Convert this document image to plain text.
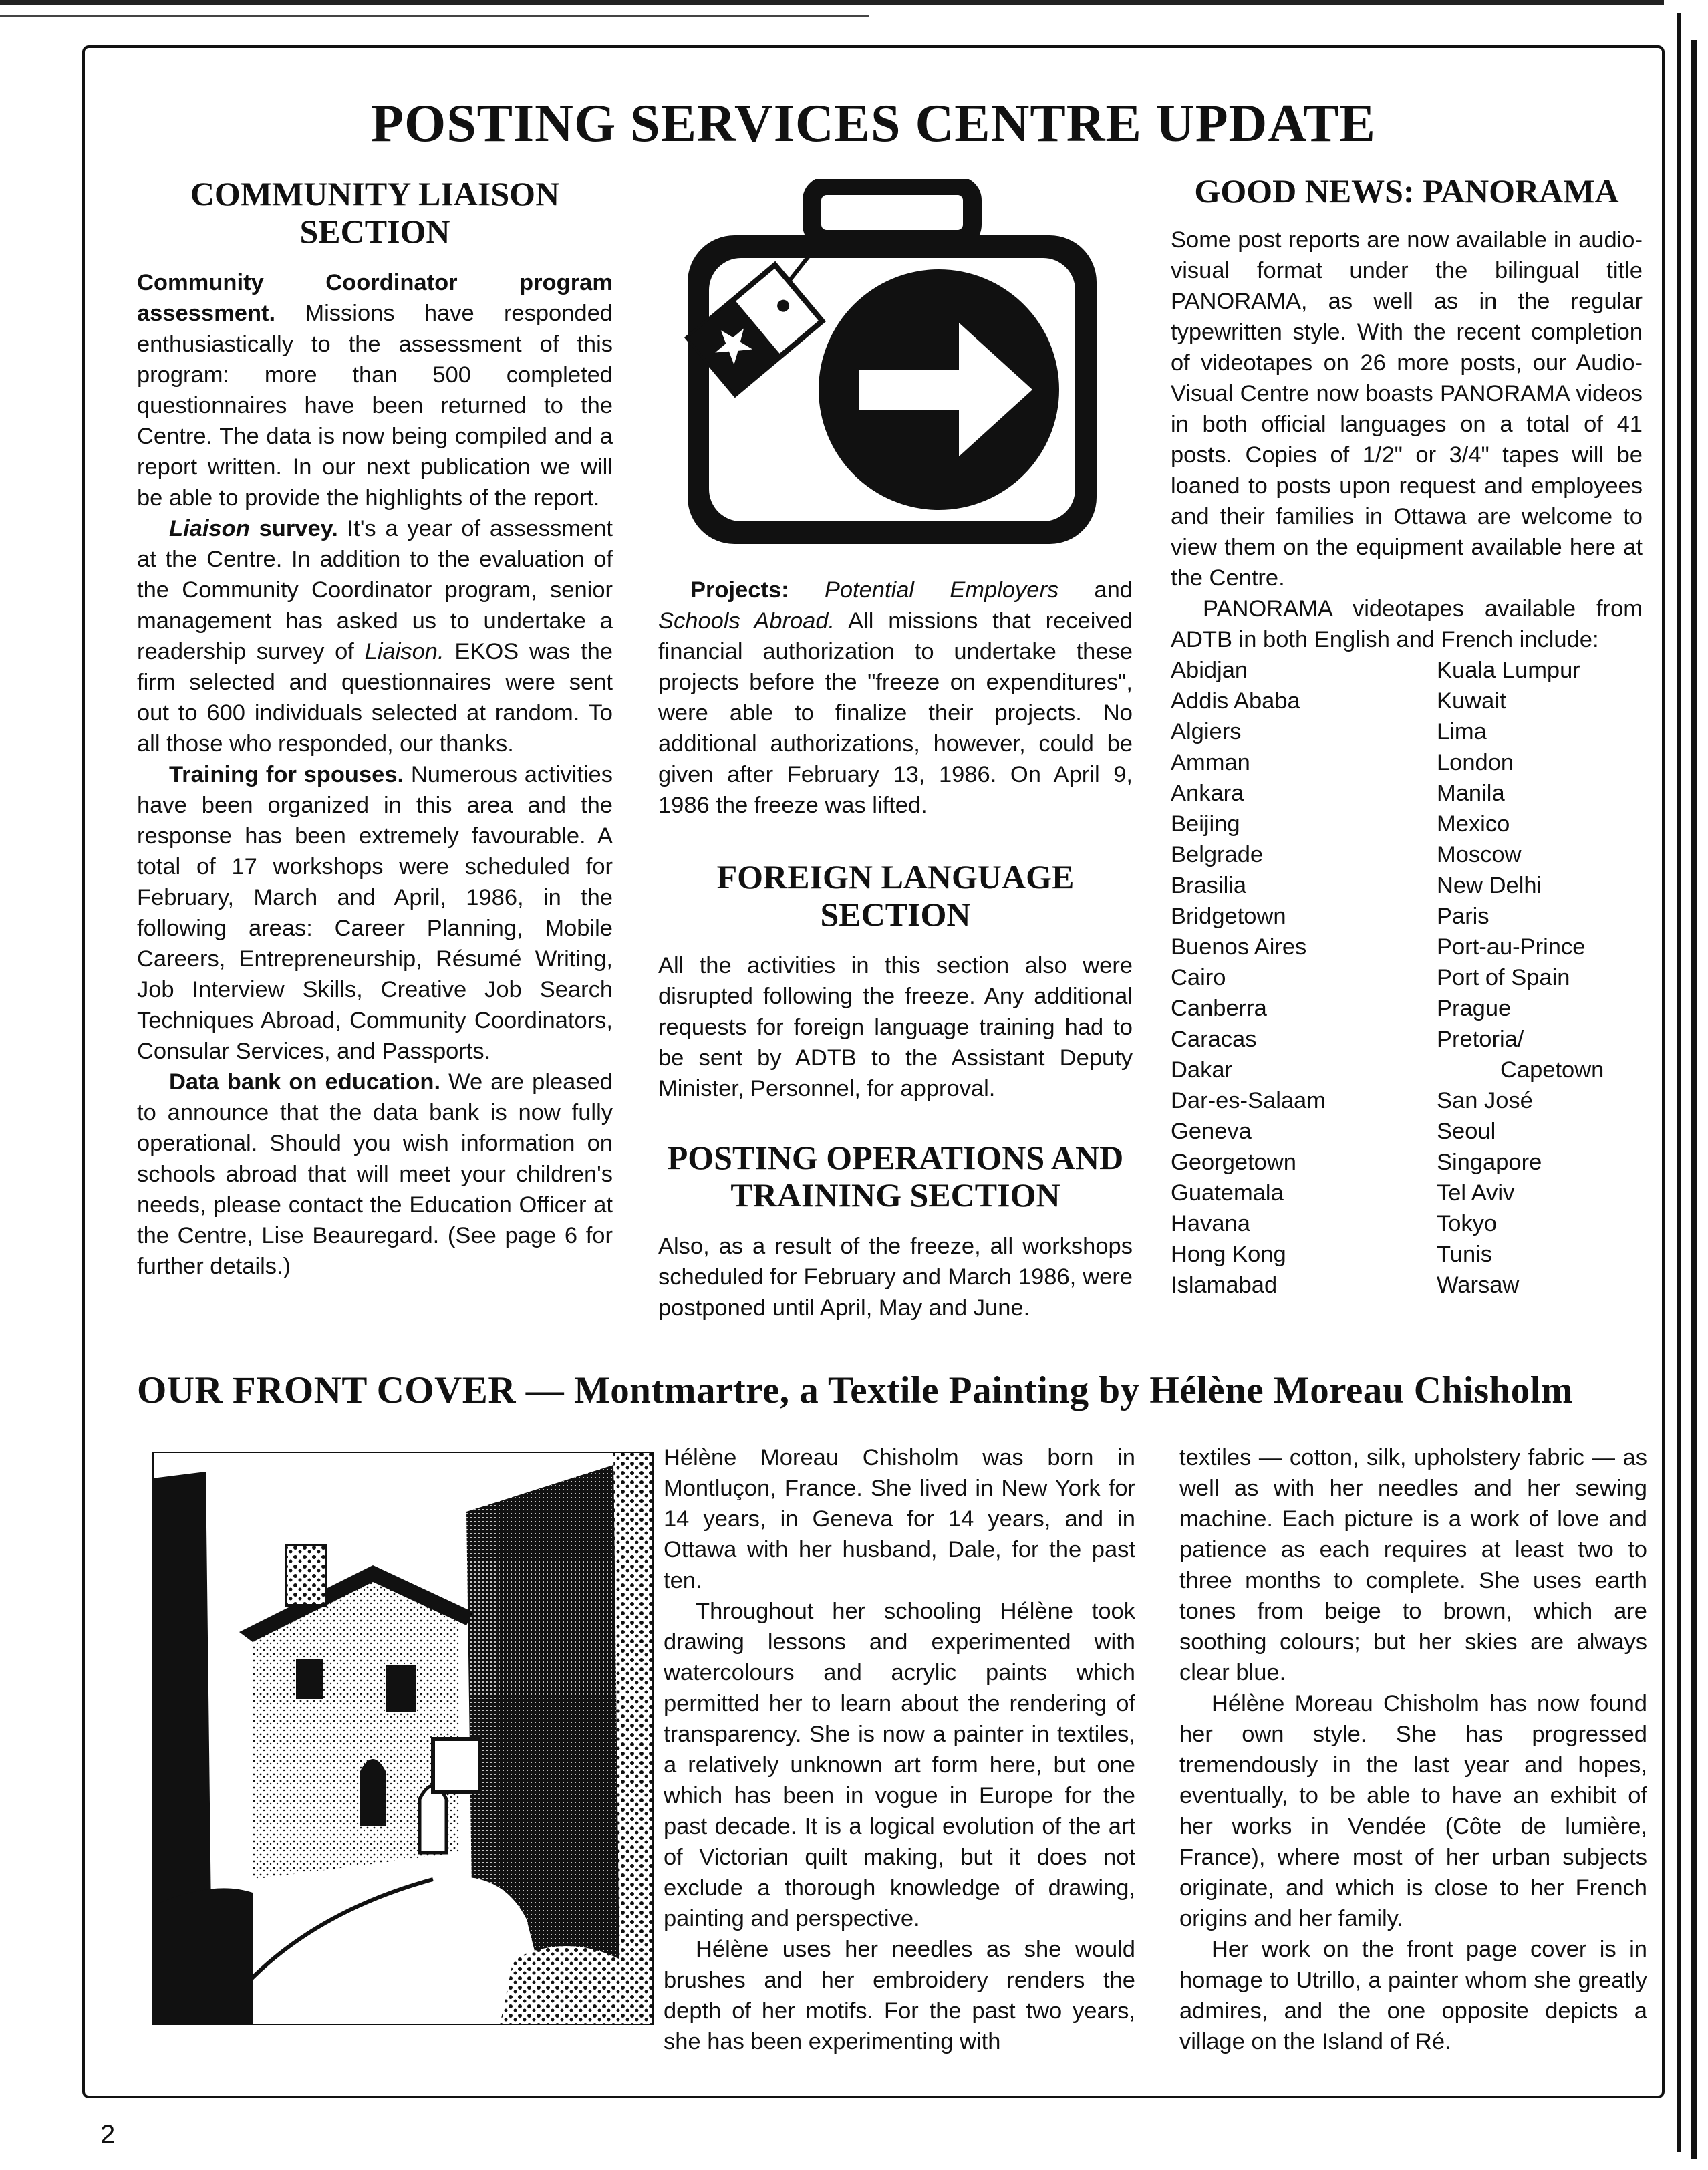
POSTING SERVICES CENTRE UPDATE
COMMUNITY LIAISON SECTION

Community Coordinator program assessment. Missions have responded enthusiastically to the assessment of this program: more than 500 completed questionnaires have been returned to the Centre. The data is now being compiled and a report written. In our next publication we will be able to provide the highlights of the report.

Liaison survey. It's a year of assessment at the Centre. In addition to the evaluation of the Community Coordinator program, senior management has asked us to undertake a readership survey of Liaison. EKOS was the firm selected and questionnaires were sent out to 600 individuals selected at random. To all those who responded, our thanks.

Training for spouses. Numerous activities have been organized in this area and the response has been extremely favourable. A total of 17 workshops were scheduled for February, March and April, 1986, in the following areas: Career Planning, Mobile Careers, Entrepreneurship, Résumé Writing, Job Interview Skills, Creative Job Search Techniques Abroad, Community Coordinators, Consular Services, and Passports.

Data bank on education. We are pleased to announce that the data bank is now fully operational. Should you wish information on schools abroad that will meet your children's needs, please contact the Education Officer at the Centre, Lise Beauregard. (See page 6 for further details.)

Projects: Potential Employers and Schools Abroad. All missions that received financial authorization to undertake these projects before the "freeze on expenditures", were able to finalize their projects. No additional authorizations, however, could be given after February 13, 1986. On April 9, 1986 the freeze was lifted.

FOREIGN LANGUAGE SECTION

All the activities in this section also were disrupted following the freeze. Any additional requests for foreign language training had to be sent by ADTB to the Assistant Deputy Minister, Personnel, for approval.

POSTING OPERATIONS AND TRAINING SECTION

Also, as a result of the freeze, all workshops scheduled for February and March 1986, were postponed until April, May and June.

GOOD NEWS: PANORAMA

Some post reports are now available in audio-visual format under the bilingual title PANORAMA, as well as in the regular typewritten style. With the recent completion of videotapes on 26 more posts, our Audio-Visual Centre now boasts PANORAMA videos in both official languages on a total of 41 posts. Copies of 1/2" or 3/4" tapes will be loaned to posts upon request and employees and their families in Ottawa are welcome to view them on the equipment available here at the Centre.

PANORAMA videotapes available from ADTB in both English and French include:

Abidjan
Addis Ababa
Algiers
Amman
Ankara
Beijing
Belgrade
Brasilia
Bridgetown
Buenos Aires
Cairo
Canberra
Caracas
Dakar
Dar-es-Salaam
Geneva
Georgetown
Guatemala
Havana
Hong Kong
Islamabad
Kuala Lumpur
Kuwait
Lima
London
Manila
Mexico
Moscow
New Delhi
Paris
Port-au-Prince
Port of Spain
Prague
Pretoria/
Capetown
San José
Seoul
Singapore
Tel Aviv
Tokyo
Tunis
Warsaw
OUR FRONT COVER — Montmartre, a Textile Painting by Hélène Moreau Chisholm

Hélène Moreau Chisholm was born in Montluçon, France. She lived in New York for 14 years, in Geneva for 14 years, and in Ottawa with her husband, Dale, for the past ten.

Throughout her schooling Hélène took drawing lessons and experimented with watercolours and acrylic paints which permitted her to learn about the rendering of transparency. She is now a painter in textiles, a relatively unknown art form here, but one which has been in vogue in Europe for the past decade. It is a logical evolution of the art of Victorian quilt making, but it does not exclude a thorough knowledge of drawing, painting and perspective.

Hélène uses her needles as she would brushes and her embroidery renders the depth of her motifs. For the past two years, she has been experimenting with

textiles — cotton, silk, upholstery fabric — as well as with her needles and her sewing machine. Each picture is a work of love and patience as each requires at least two to three months to complete. She uses earth tones from beige to brown, which are soothing colours; but her skies are always clear blue.

Hélène Moreau Chisholm has now found her own style. She has progressed tremendously in the last year and hopes, eventually, to be able to have an exhibit of her works in Vendée (Côte de lumière, France), where most of her urban subjects originate, and which is close to her French origins and her family.

Her work on the front page cover is in homage to Utrillo, a painter whom she greatly admires, and the one opposite depicts a village on the Island of Ré.

2
